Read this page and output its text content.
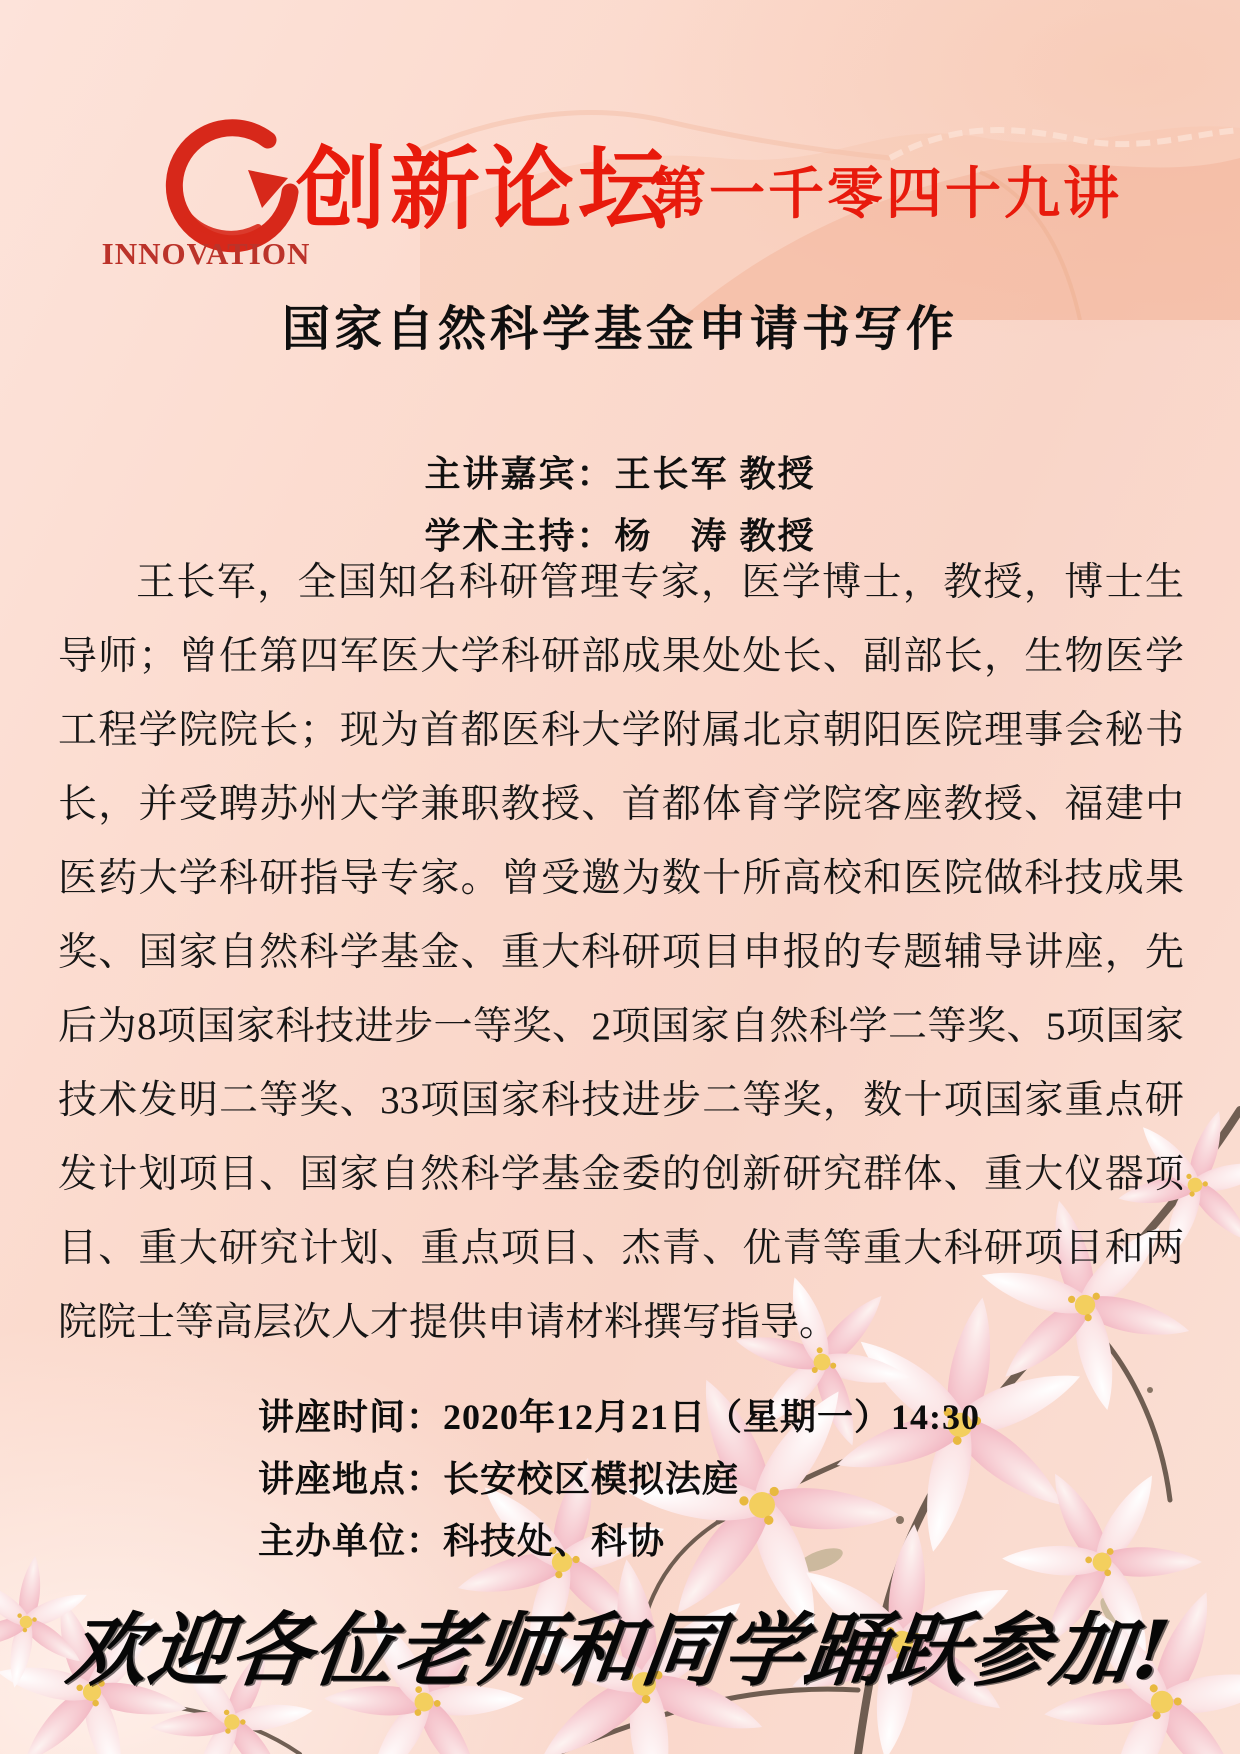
INNOVATION
创新论坛
第一千零四十九讲
国家自然科学基金申请书写作
主讲嘉宾：王长军 教授
学术主持：杨　涛 教授

王长军，全国知名科研管理专家，医学博士，教授，博士生导师；曾任第四军医大学科研部成果处处长、副部长，生物医学工程学院院长；现为首都医科大学附属北京朝阳医院理事会秘书长，并受聘苏州大学兼职教授、首都体育学院客座教授、福建中医药大学科研指导专家。曾受邀为数十所高校和医院做科技成果奖、国家自然科学基金、重大科研项目申报的专题辅导讲座，先后为8项国家科技进步一等奖、2项国家自然科学二等奖、5项国家技术发明二等奖、33项国家科技进步二等奖，数十项国家重点研发计划项目、国家自然科学基金委的创新研究群体、重大仪器项目、重大研究计划、重点项目、杰青、优青等重大科研项目和两院院士等高层次人才提供申请材料撰写指导。

讲座时间：2020年12月21日（星期一）14:30
讲座地点：长安校区模拟法庭
主办单位：科技处、科协
欢迎各位老师和同学踊跃参加!
